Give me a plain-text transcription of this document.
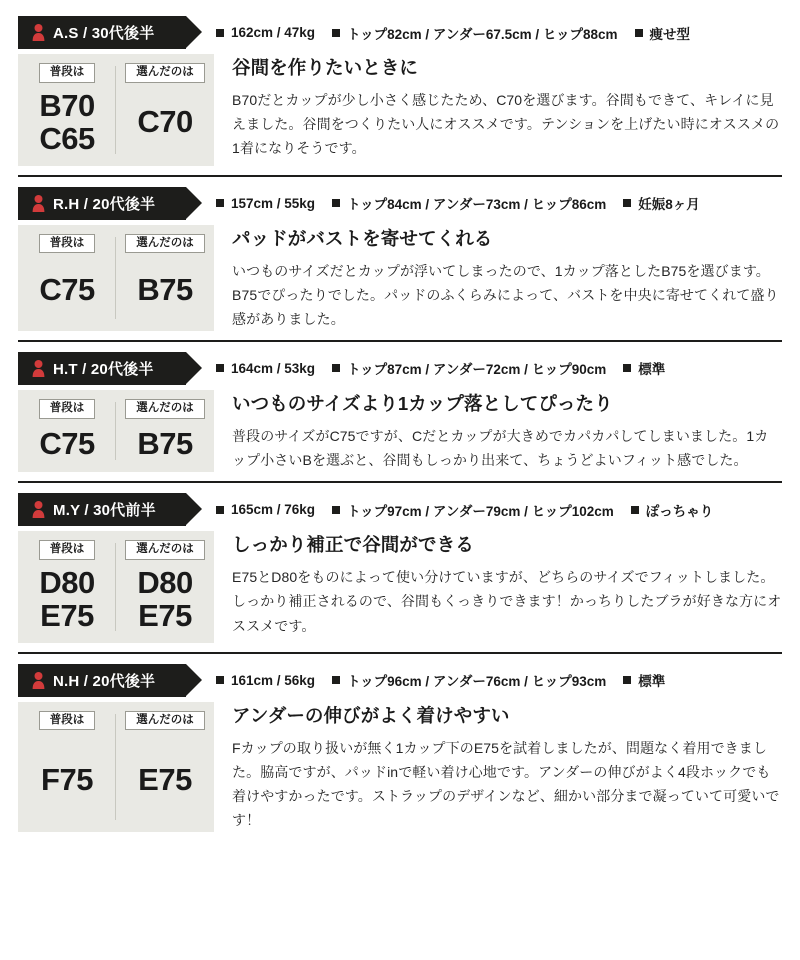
A.S / 30代後半	162cm / 47kg トップ82cm / アンダー67.5cm / ヒップ88cm 痩せ型
普段は
B70
C65
選んだのは
C70
谷間を作りたいときに

B70だとカップが少し小さく感じたため、C70を選びます。谷間もできて、キレイに見えました。谷間をつくりたい人にオススメです。テンションを上げたい時にオススメの1着になりそうです。

R.H / 20代後半	157cm / 55kg トップ84cm / アンダー73cm / ヒップ86cm 妊娠8ヶ月
普段は
C75
選んだのは
B75
パッドがバストを寄せてくれる

いつものサイズだとカップが浮いてしまったので、1カップ落としたB75を選びます。B75でぴったりでした。パッドのふくらみによって、バストを中央に寄せてくれて盛り感がありました。

H.T / 20代後半	164cm / 53kg トップ87cm / アンダー72cm / ヒップ90cm 標準
普段は
C75
選んだのは
B75
いつものサイズより1カップ落としてぴったり

普段のサイズがC75ですが、Cだとカップが大きめでカパカパしてしまいました。1カップ小さいBを選ぶと、谷間もしっかり出来て、ちょうどよいフィット感でした。

M.Y / 30代前半	165cm / 76kg トップ97cm / アンダー79cm / ヒップ102cm ぽっちゃり
普段は
D80
E75
選んだのは
D80
E75
しっかり補正で谷間ができる

E75とD80をものによって使い分けていますが、どちらのサイズでフィットしました。しっかり補正されるので、谷間もくっきりできます！かっちりしたブラが好きな方にオススメです。

N.H / 20代後半	161cm / 56kg トップ96cm / アンダー76cm / ヒップ93cm 標準
普段は
F75
選んだのは
E75
アンダーの伸びがよく着けやすい

Fカップの取り扱いが無く1カップ下のE75を試着しましたが、問題なく着用できました。脇高ですが、パッドinで軽い着け心地です。アンダーの伸びがよく4段ホックでも着けやすかったです。ストラップのデザインなど、細かい部分まで凝っていて可愛いです！
